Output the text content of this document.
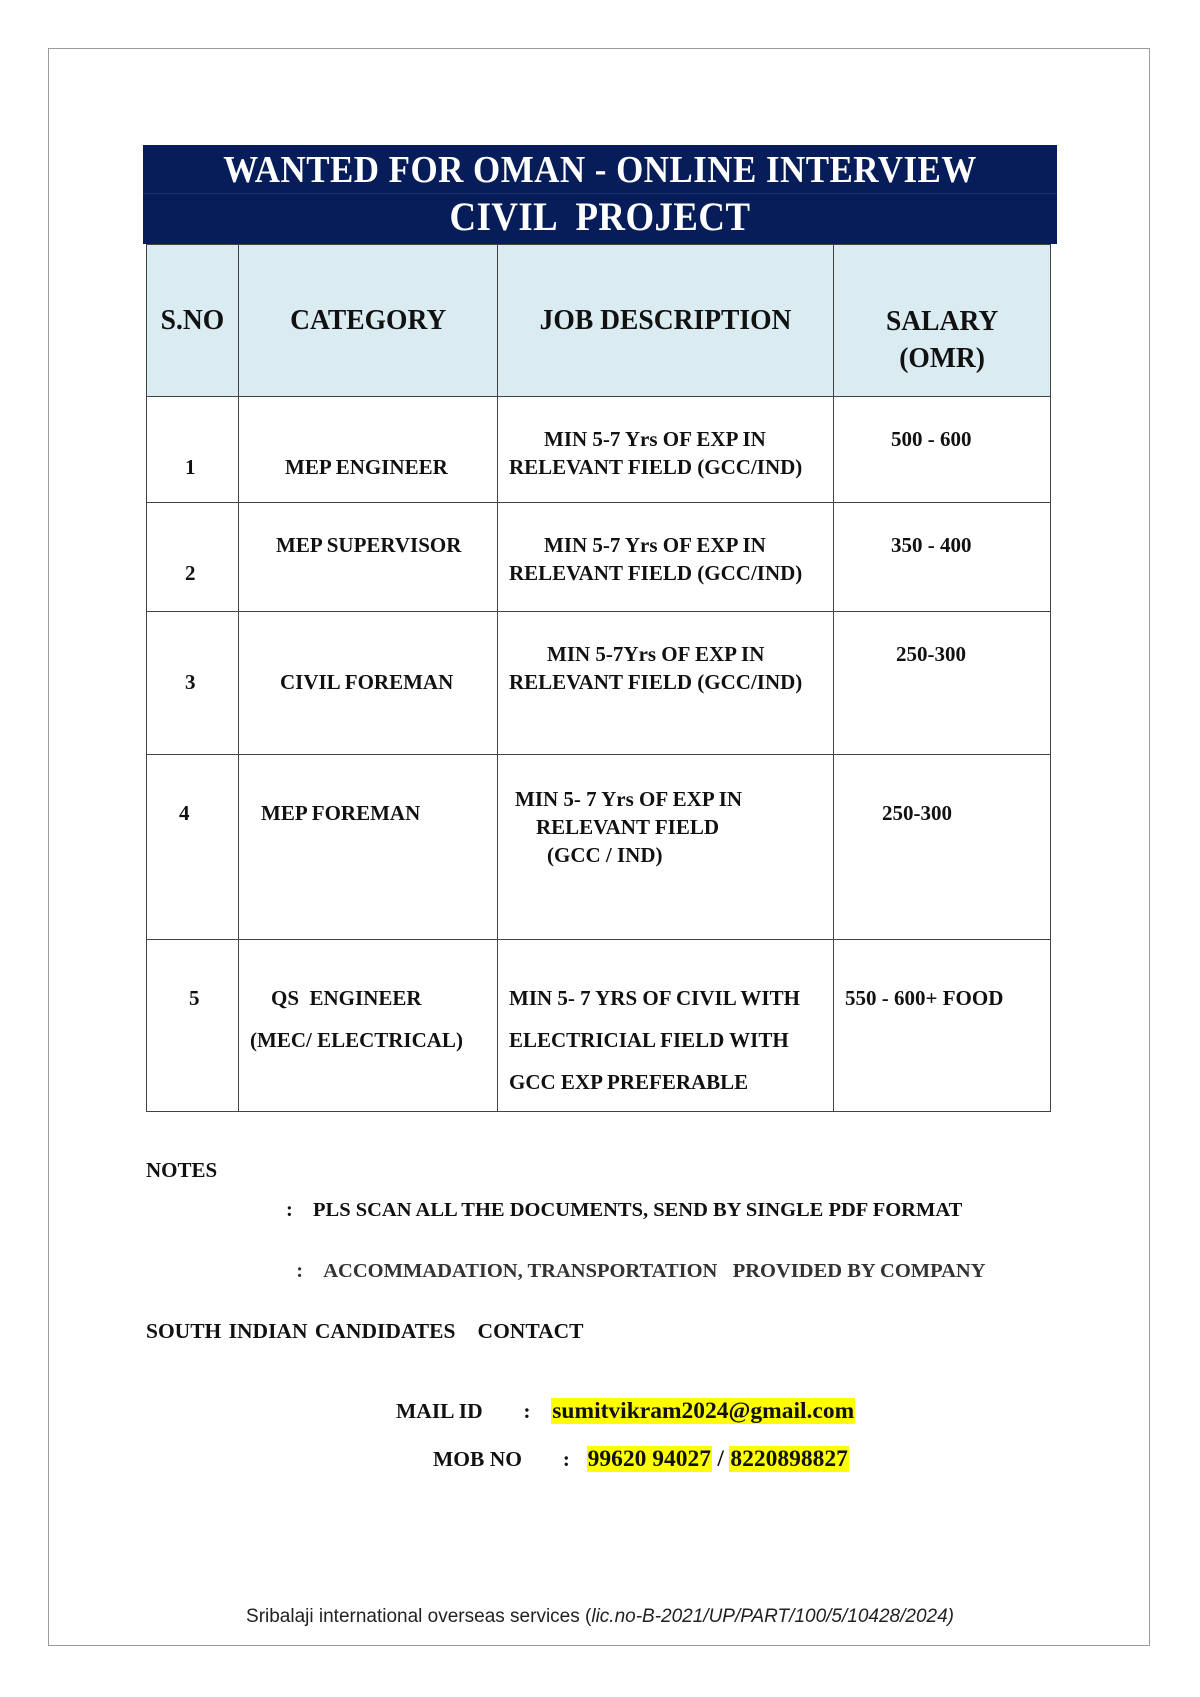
WANTED FOR OMAN - ONLINE INTERVIEW
CIVIL  PROJECT
S.NO	CATEGORY	JOB DESCRIPTION	SALARY
(OMR)

1	MEP ENGINEER	MIN 5-7 Yrs OF EXP IN
RELEVANT FIELD (GCC/IND)	500 - 600

2	MEP SUPERVISOR	MIN 5-7 Yrs OF EXP IN
RELEVANT FIELD (GCC/IND)	350 - 400

3	CIVIL FOREMAN	MIN 5-7Yrs OF EXP IN
RELEVANT FIELD (GCC/IND)	250-300

4	MEP FOREMAN	MIN 5- 7 Yrs OF EXP IN
RELEVANT FIELD
(GCC / IND)	250-300

5	QS  ENGINEER
(MEC/ ELECTRICAL)	MIN 5- 7 YRS OF CIVIL WITH
ELECTRICIAL FIELD WITH
GCC EXP PREFERABLE	550 - 600+ FOOD
NOTES
: PLS SCAN ALL THE DOCUMENTS, SEND BY SINGLE PDF FORMAT

: ACCOMMADATION, TRANSPORTATION   PROVIDED BY COMPANY

SOUTH INDIAN CANDIDATES   CONTACT
MAIL ID : sumitvikram2024@gmail.com
MOB NO : 99620 94027 / 8220898827
Sribalaji international overseas services (lic.no-B-2021/UP/PART/100/5/10428/2024)
